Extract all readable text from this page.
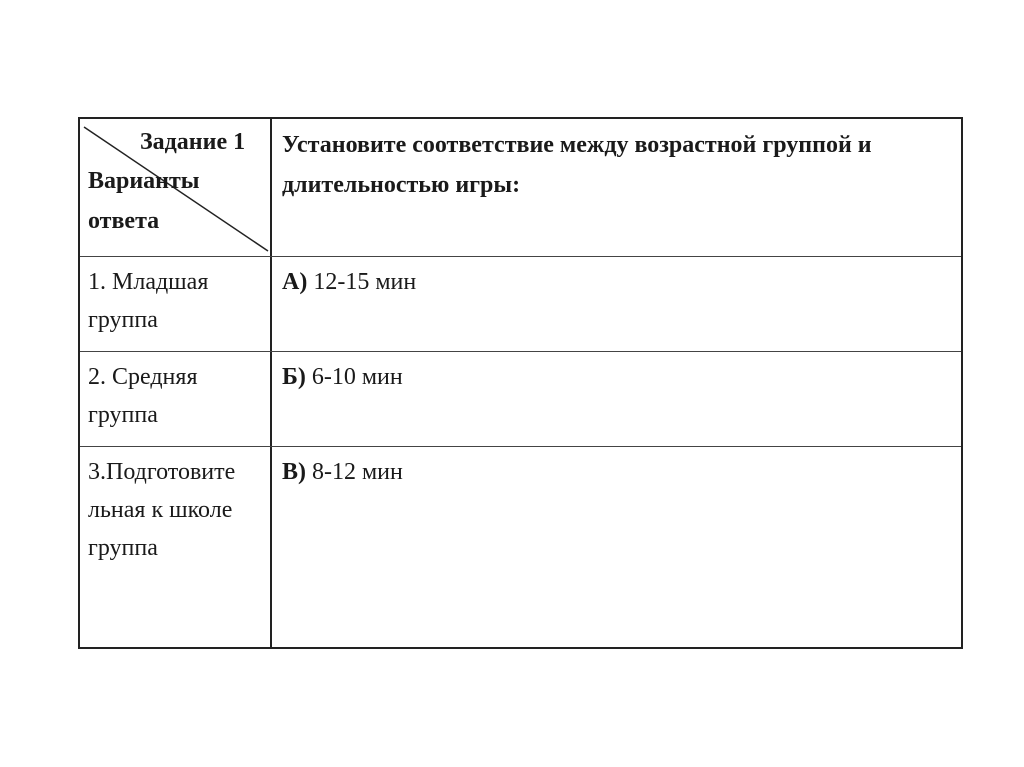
Задание 1
Варианты ответа
Установите соответствие между возрастной группой и длительностью игры:
1. Младшая группа
А) 12-15 мин
2. Средняя группа
Б) 6-10 мин
3.Подготовите льная к школе группа
В) 8-12 мин
